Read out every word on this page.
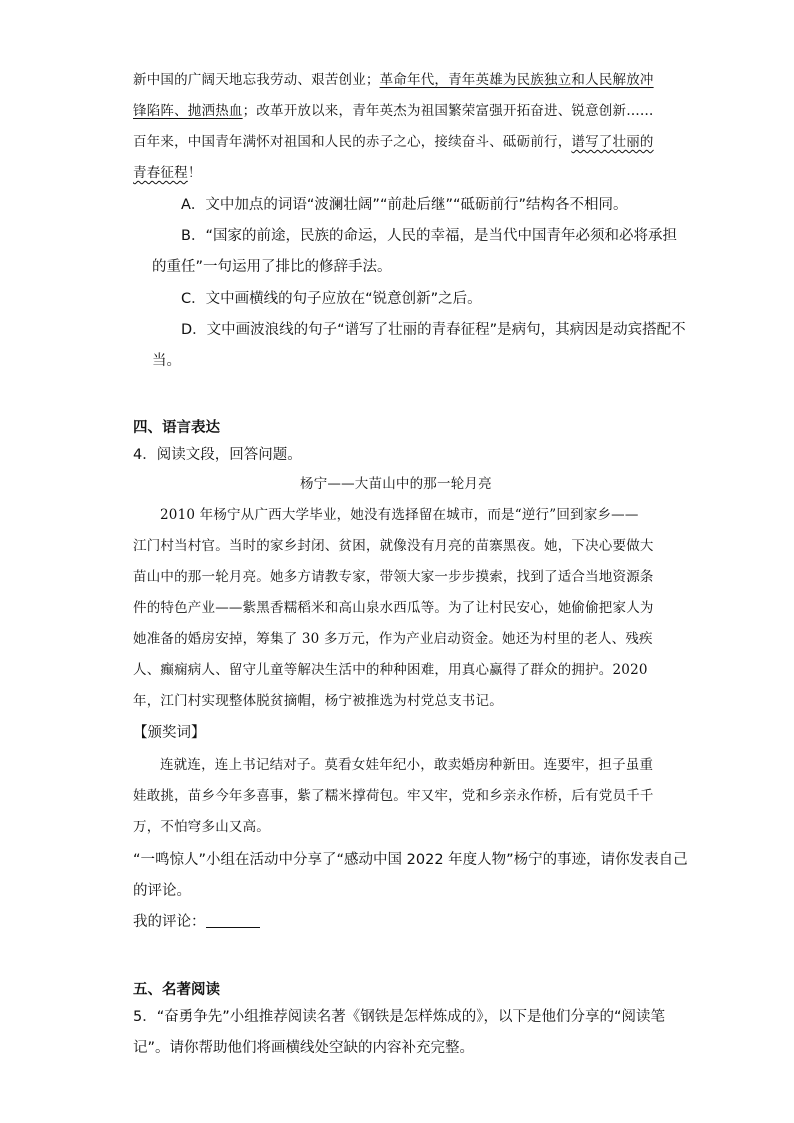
新中国的广阔天地忘我劳动、艰苦创业；革命年代，青年英雄为民族独立和人民解放冲
锋陷阵、抛洒热血；改革开放以来，青年英杰为祖国繁荣富强开拓奋进、锐意创新……
百年来，中国青年满怀对祖国和人民的赤子之心，接续奋斗、砥砺前行，谱写了壮丽的
青春征程！
A．文中加点的词语“波澜壮阔”“前赴后继”“砥砺前行”结构各不相同。
B．“国家的前途，民族的命运，人民的幸福，是当代中国青年必须和必将承担
的重任”一句运用了排比的修辞手法。
C．文中画横线的句子应放在“锐意创新”之后。
D．文中画波浪线的句子“谱写了壮丽的青春征程”是病句，其病因是动宾搭配不
当。
四、语言表达
4．阅读文段，回答问题。
杨宁——大苗山中的那一轮月亮
2010 年杨宁从广西大学毕业，她没有选择留在城市，而是“逆行”回到家乡——
江门村当村官。当时的家乡封闭、贫困，就像没有月亮的苗寨黑夜。她，下决心要做大
苗山中的那一轮月亮。她多方请教专家，带领大家一步步摸索，找到了适合当地资源条
件的特色产业——紫黑香糯稻米和高山泉水西瓜等。为了让村民安心，她偷偷把家人为
她准备的婚房安掉，筹集了 30 多万元，作为产业启动资金。她还为村里的老人、残疾
人、癫痫病人、留守儿童等解决生活中的种种困难，用真心赢得了群众的拥护。2020
年，江门村实现整体脱贫摘帽，杨宁被推选为村党总支书记。
【颁奖词】
连就连，连上书记结对子。莫看女娃年纪小，敢卖婚房种新田。连要牢，担子虽重
娃敢挑，苗乡今年多喜事，紫了糯米撑荷包。牢又牢，党和乡亲永作桥，后有党员千千
万，不怕穹多山又高。
“一鸣惊人”小组在活动中分享了“感动中国 2022 年度人物”杨宁的事迹，请你发表自己
的评论。
我的评论：
五、名著阅读
5．“奋勇争先”小组推荐阅读名著《钢铁是怎样炼成的》，以下是他们分享的“阅读笔
记”。请你帮助他们将画横线处空缺的内容补充完整。
